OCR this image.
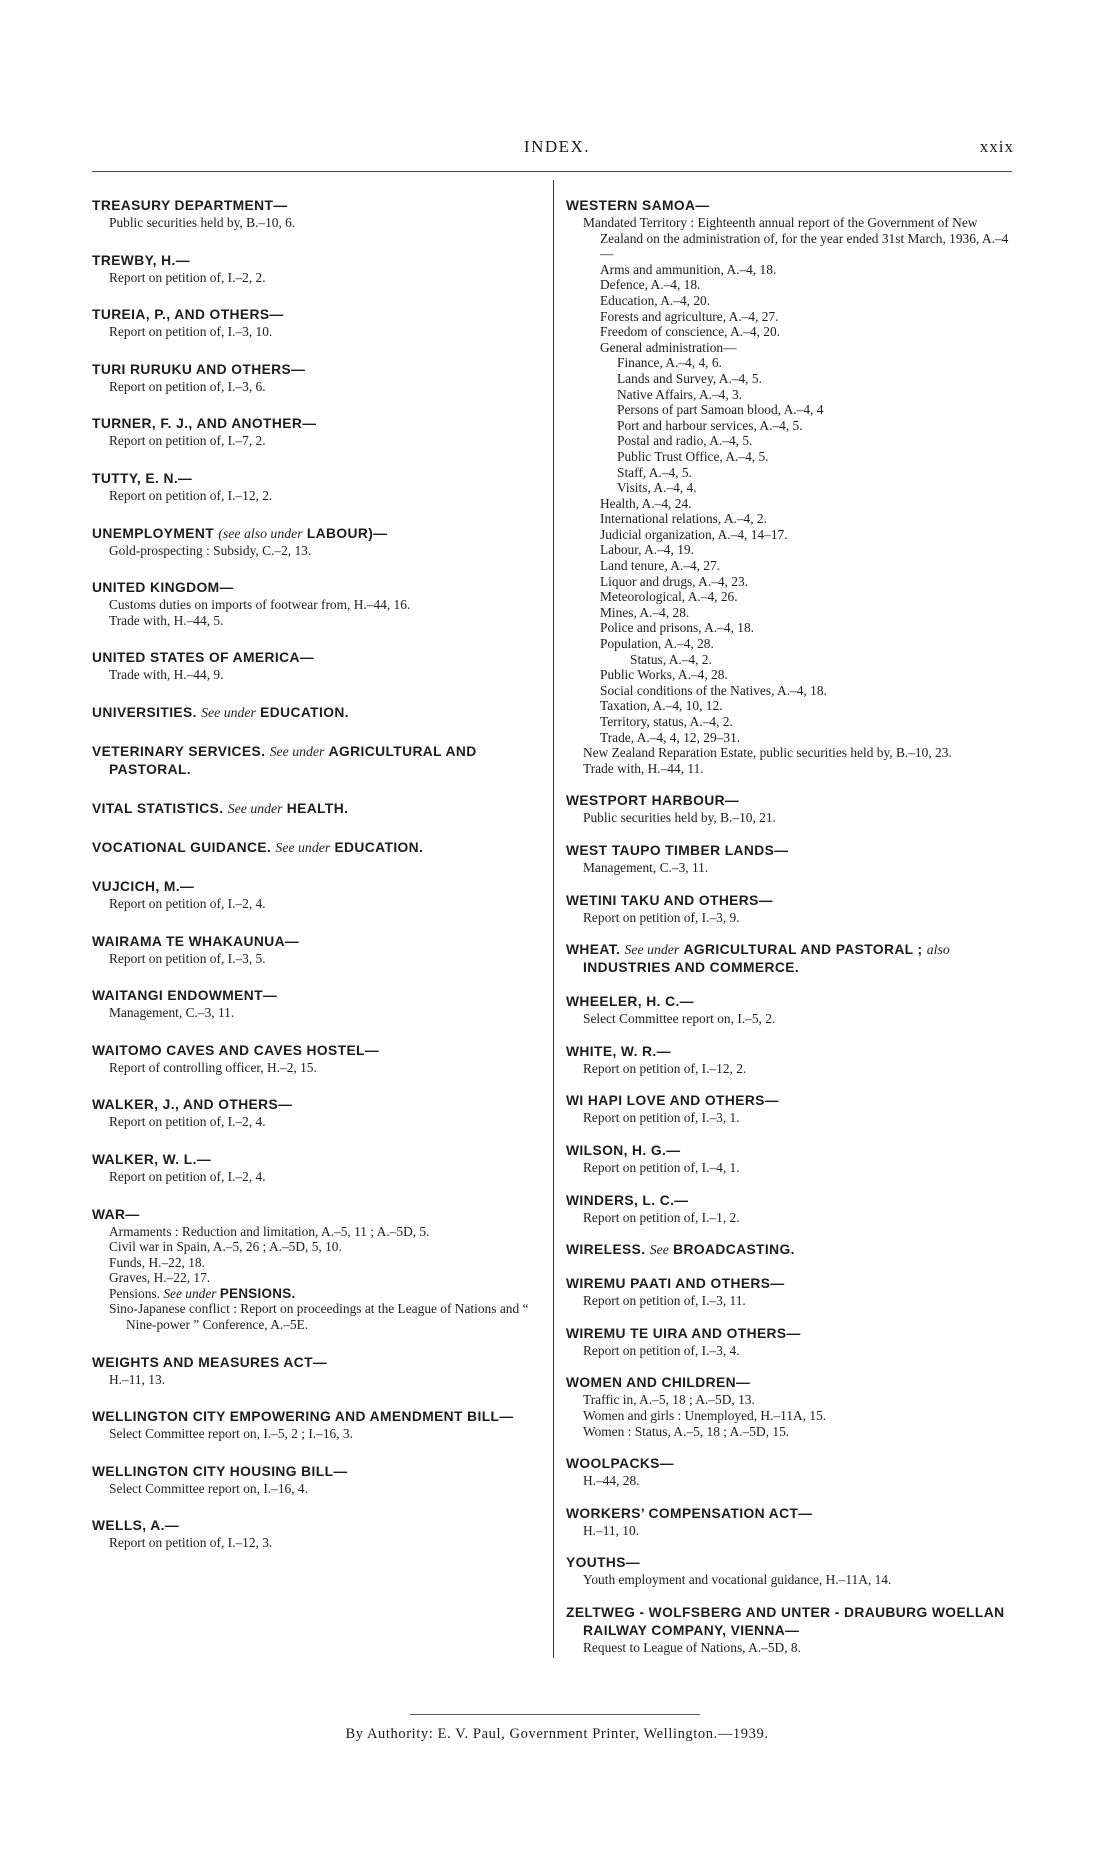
INDEX.	xxix
TREASURY DEPARTMENT—
Public securities held by, B.–10, 6.
TREWBY, H.—
Report on petition of, I.–2, 2.
TUREIA, P., AND OTHERS—
Report on petition of, I.–3, 10.
TURI RURUKU AND OTHERS—
Report on petition of, I.–3, 6.
TURNER, F. J., AND ANOTHER—
Report on petition of, I.–7, 2.
TUTTY, E. N.—
Report on petition of, I.–12, 2.
UNEMPLOYMENT (see also under LABOUR)—
Gold-prospecting : Subsidy, C.–2, 13.
UNITED KINGDOM—
Customs duties on imports of footwear from, H.–44, 16.
Trade with, H.–44, 5.
UNITED STATES OF AMERICA—
Trade with, H.–44, 9.
UNIVERSITIES. See under EDUCATION.
VETERINARY SERVICES. See under AGRICULTURAL AND PASTORAL.
VITAL STATISTICS. See under HEALTH.
VOCATIONAL GUIDANCE. See under EDUCATION.
VUJCICH, M.—
Report on petition of, I.–2, 4.
WAIRAMA TE WHAKAUNUA—
Report on petition of, I.–3, 5.
WAITANGI ENDOWMENT—
Management, C.–3, 11.
WAITOMO CAVES AND CAVES HOSTEL—
Report of controlling officer, H.–2, 15.
WALKER, J., AND OTHERS—
Report on petition of, I.–2, 4.
WALKER, W. L.—
Report on petition of, I.–2, 4.
WAR—
Armaments : Reduction and limitation, A.–5, 11 ; A.–5D, 5.
Civil war in Spain, A.–5, 26 ; A.–5D, 5, 10.
Funds, H.–22, 18.
Graves, H.–22, 17.
Pensions. See under PENSIONS.
Sino-Japanese conflict : Report on proceedings at the League of Nations and “ Nine-power ” Conference, A.–5E.
WEIGHTS AND MEASURES ACT—
H.–11, 13.
WELLINGTON CITY EMPOWERING AND AMENDMENT BILL—
Select Committee report on, I.–5, 2 ; I.–16, 3.
WELLINGTON CITY HOUSING BILL—
Select Committee report on, I.–16, 4.
WELLS, A.—
Report on petition of, I.–12, 3.
WESTERN SAMOA—
Mandated Territory : Eighteenth annual report of the Government of New Zealand on the administration of, for the year ended 31st March, 1936, A.–4—
Arms and ammunition, A.–4, 18.
Defence, A.–4, 18.
Education, A.–4, 20.
Forests and agriculture, A.–4, 27.
Freedom of conscience, A.–4, 20.
General administration—
Finance, A.–4, 4, 6.
Lands and Survey, A.–4, 5.
Native Affairs, A.–4, 3.
Persons of part Samoan blood, A.–4, 4
Port and harbour services, A.–4, 5.
Postal and radio, A.–4, 5.
Public Trust Office, A.–4, 5.
Staff, A.–4, 5.
Visits, A.–4, 4.
Health, A.–4, 24.
International relations, A.–4, 2.
Judicial organization, A.–4, 14–17.
Labour, A.–4, 19.
Land tenure, A.–4, 27.
Liquor and drugs, A.–4, 23.
Meteorological, A.–4, 26.
Mines, A.–4, 28.
Police and prisons, A.–4, 18.
Population, A.–4, 28.
Status, A.–4, 2.
Public Works, A.–4, 28.
Social conditions of the Natives, A.–4, 18.
Taxation, A.–4, 10, 12.
Territory, status, A.–4, 2.
Trade, A.–4, 4, 12, 29–31.
New Zealand Reparation Estate, public securities held by, B.–10, 23.
Trade with, H.–44, 11.
WESTPORT HARBOUR—
Public securities held by, B.–10, 21.
WEST TAUPO TIMBER LANDS—
Management, C.–3, 11.
WETINI TAKU AND OTHERS—
Report on petition of, I.–3, 9.
WHEAT. See under AGRICULTURAL AND PASTORAL ; also INDUSTRIES AND COMMERCE.
WHEELER, H. C.—
Select Committee report on, I.–5, 2.
WHITE, W. R.—
Report on petition of, I.–12, 2.
WI HAPI LOVE AND OTHERS—
Report on petition of, I.–3, 1.
WILSON, H. G.—
Report on petition of, I.–4, 1.
WINDERS, L. C.—
Report on petition of, I.–1, 2.
WIRELESS. See BROADCASTING.
WIREMU PAATI AND OTHERS—
Report on petition of, I.–3, 11.
WIREMU TE UIRA AND OTHERS—
Report on petition of, I.–3, 4.
WOMEN AND CHILDREN—
Traffic in, A.–5, 18 ; A.–5D, 13.
Women and girls : Unemployed, H.–11A, 15.
Women : Status, A.–5, 18 ; A.–5D, 15.
WOOLPACKS—
H.–44, 28.
WORKERS’ COMPENSATION ACT—
H.–11, 10.
YOUTHS—
Youth employment and vocational guidance, H.–11A, 14.
ZELTWEG - WOLFSBERG AND UNTER - DRAUBURG WOELLAN RAILWAY COMPANY, VIENNA—
Request to League of Nations, A.–5D, 8.
By Authority: E. V. Paul, Government Printer, Wellington.—1939.
